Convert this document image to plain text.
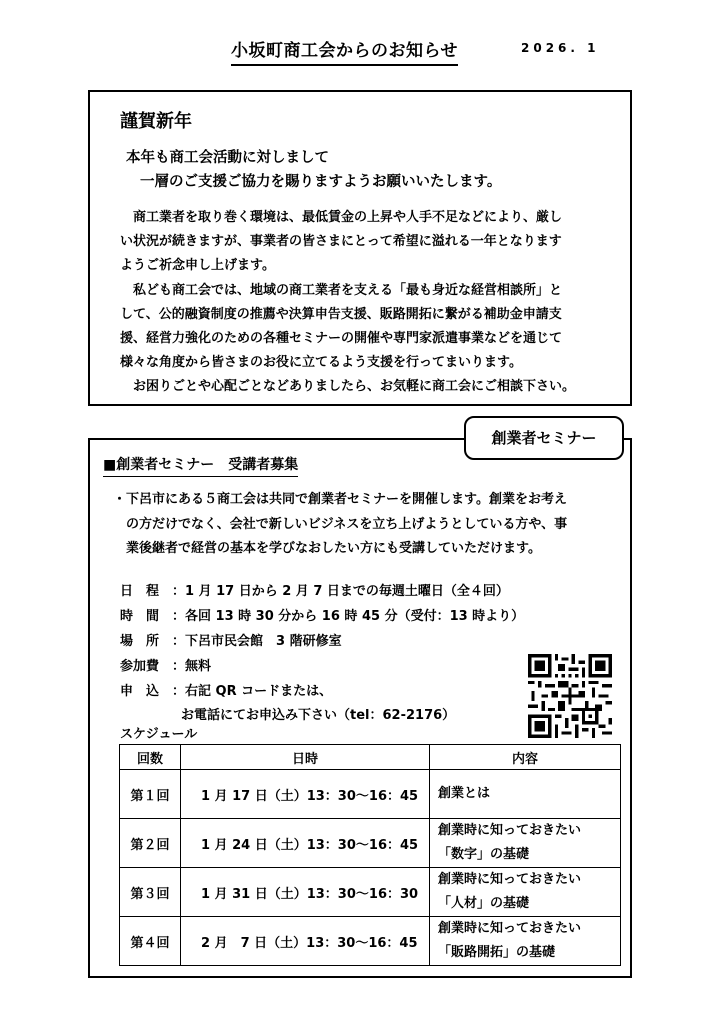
小坂町商工会からのお知らせ	2026. 1
謹賀新年
本年も商工会活動に対しまして
一層のご支援ご協力を賜りますようお願いいたします。
　商工業者を取り巻く環境は、最低賃金の上昇や人手不足などにより、厳し
い状況が続きますが、事業者の皆さまにとって希望に溢れる一年となります
ようご祈念申し上げます。
　私ども商工会では、地域の商工業者を支える「最も身近な経営相談所」と
して、公的融資制度の推薦や決算申告支援、販路開拓に繋がる補助金申請支
援、経営力強化のための各種セミナーの開催や専門家派遣事業などを通じて
様々な角度から皆さまのお役に立てるよう支援を行ってまいります。
　お困りごとや心配ごとなどありましたら、お気軽に商工会にご相談下さい。
創業者セミナー
■創業者セミナー　受講者募集
・下呂市にある５商工会は共同で創業者セミナーを開催します。創業をお考え
　の方だけでなく、会社で新しいビジネスを立ち上げようとしている方や、事
　業後継者で経営の基本を学びなおしたい方にも受講していただけます。
日　程 ：1 月 17 日から 2 月 7 日までの毎週土曜日（全４回）
時　間 ：各回 13 時 30 分から 16 時 45 分（受付：13 時より）
場　所 ：下呂市民会館　3 階研修室
参加費 ：無料
申　込 ：右記 QR コードまたは、
お電話にてお申込み下さい（tel：62-2176）
スケジュール
回数	日時	内容
第１回	1 月 17 日（土）13：30～16：45	創業とは

第２回	1 月 24 日（土）13：30～16：45	創業時に知っておきたい
「数字」の基礎

第３回	1 月 31 日（土）13：30～16：30	創業時に知っておきたい
「人材」の基礎

第４回	2 月　7 日（土）13：30～16：45	創業時に知っておきたい
「販路開拓」の基礎
